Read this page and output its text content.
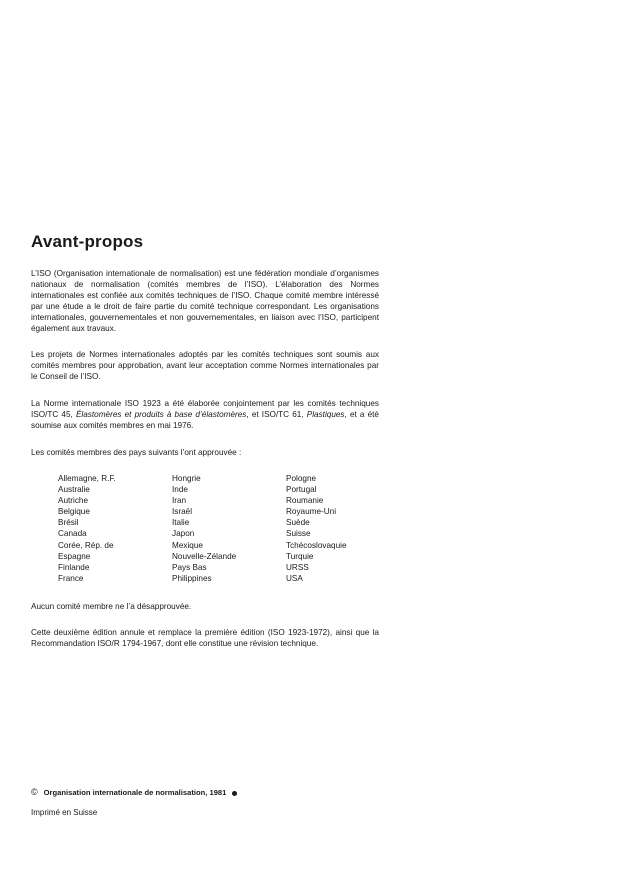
Avant-propos

L’ISO (Organisation internationale de normalisation) est une fédération mondiale d’organismes nationaux de normalisation (comités membres de l’ISO). L’élaboration des Normes internationales est confiée aux comités techniques de l’ISO. Chaque comité membre intéressé par une étude a le droit de faire partie du comité technique correspondant. Les organisations internationales, gouvernementales et non gouvernementales, en liaison avec l’ISO, participent également aux travaux.

Les projets de Normes internationales adoptés par les comités techniques sont soumis aux comités membres pour approbation, avant leur acceptation comme Normes internationales par le Conseil de l’ISO.

La Norme internationale ISO 1923 a été élaborée conjointement par les comités techniques ISO/TC 45, Élastomères et produits à base d’élastomères, et ISO/TC 61, Plastiques, et a été soumise aux comités membres en mai 1976.

Les comités membres des pays suivants l’ont approuvée :

Allemagne, R.F.
Australie
Autriche
Belgique
Brésil
Canada
Corée, Rép. de
Espagne
Finlande
France
Hongrie
Inde
Iran
Israël
Italie
Japon
Mexique
Nouvelle-Zélande
Pays Bas
Philippines
Pologne
Portugal
Roumanie
Royaume-Uni
Suède
Suisse
Tchécoslovaquie
Turquie
URSS
USA

Aucun comité membre ne l’a désapprouvée.

Cette deuxième édition annule et remplace la première édition (ISO 1923-1972), ainsi que la Recommandation ISO/R 1794-1967, dont elle constitue une révision technique.

© Organisation internationale de normalisation, 1981
Imprimé en Suisse
